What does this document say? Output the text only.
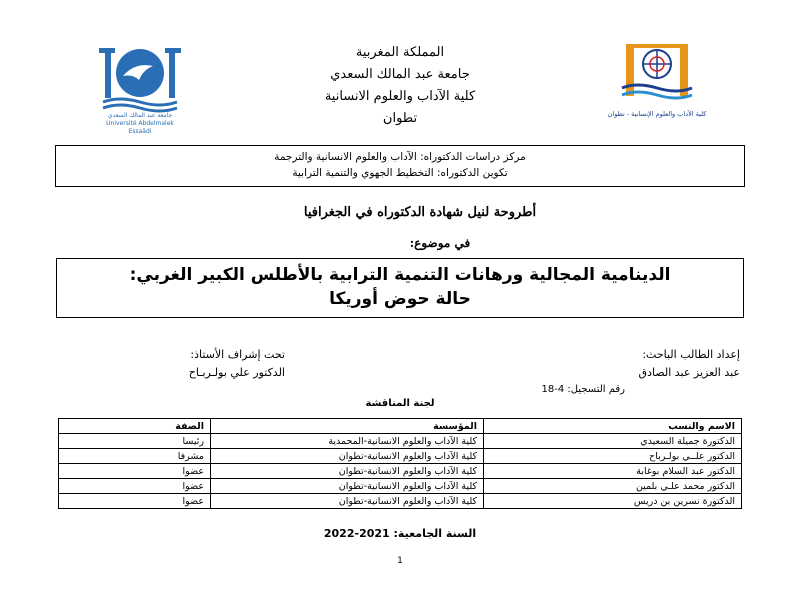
جامعة عبد المالك السعدي
Université Abdelmalek Essaâdi
المملكة المغربية
جامعة عبد المالك السعدي
كلية الآداب والعلوم الانسانية
تطوان	كلية الآداب والعلوم الإنسانية - تطوان
مركز دراسات الدكتوراه: الآداب والعلوم الانسانية والترجمة
تكوين الدكتوراه: التخطيط الجهوي والتنمية الترابية
أطروحة لنيل شهادة الدكتوراه في الجغرافيا
في موضوع:
الدينامية المجالية ورهانات التنمية الترابية بالأطلس الكبير الغربي:
حالة حوض أوريكا
إعداد الطالب الباحث:
عبد العزيز عبد الصادق
رقم التسجيل: 4-18
تحت إشراف الأستاذ:
الدكتور علي بولـربـاح
لجنة المناقشة
الاسم والنسب	المؤسسة	الصفة
الدكتورة جميلة السعيدي	كلية الآداب والعلوم الانسانية-المحمدية	رئيسا
الدكتور علــي بولـرباح	كلية الآداب والعلوم الانسانية-تطوان	مشرفا
الدكتور عبد السلام بوغابة	كلية الآداب والعلوم الانسانية-تطوان	عضوا
الدكتور محمد علـي بلمين	كلية الآداب والعلوم الانسانية-تطوان	عضوا
الدكتورة نسرين بن دريس	كلية الآداب والعلوم الانسانية-تطوان	عضوا
السنة الجامعية: 2021-2022
1
